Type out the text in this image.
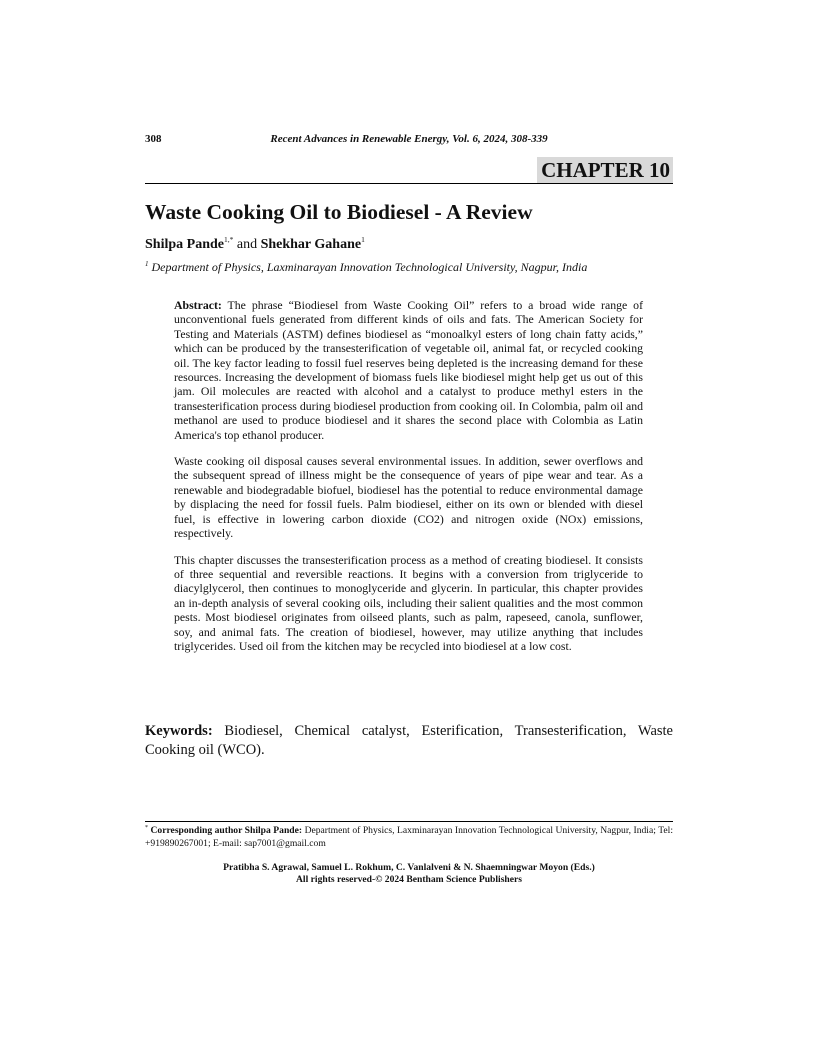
308	Recent Advances in Renewable Energy, Vol. 6, 2024, 308-339
CHAPTER 10
Waste Cooking Oil to Biodiesel - A Review
Shilpa Pande$^{1,*}$ and Shekhar Gahane$^1$
$^1$ Department of Physics, Laxminarayan Innovation Technological University, Nagpur, India

Abstract: The phrase “Biodiesel from Waste Cooking Oil” refers to a broad wide range of unconventional fuels generated from different kinds of oils and fats. The American Society for Testing and Materials (ASTM) defines biodiesel as “monoalkyl esters of long chain fatty acids,” which can be produced by the transesterification of vegetable oil, animal fat, or recycled cooking oil. The key factor leading to fossil fuel reserves being depleted is the increasing demand for these resources. Increasing the development of biomass fuels like biodiesel might help get us out of this jam. Oil molecules are reacted with alcohol and a catalyst to produce methyl esters in the transesterification process during biodiesel production from cooking oil. In Colombia, palm oil and methanol are used to produce biodiesel and it shares the second place with Colombia as Latin America's top ethanol producer.

Waste cooking oil disposal causes several environmental issues. In addition, sewer overflows and the subsequent spread of illness might be the consequence of years of pipe wear and tear. As a renewable and biodegradable biofuel, biodiesel has the potential to reduce environmental damage by displacing the need for fossil fuels. Palm biodiesel, either on its own or blended with diesel fuel, is effective in lowering carbon dioxide (CO2) and nitrogen oxide (NOx) emissions, respectively.

This chapter discusses the transesterification process as a method of creating biodiesel. It consists of three sequential and reversible reactions. It begins with a conversion from triglyceride to diacylglycerol, then continues to monoglyceride and glycerin. In particular, this chapter provides an in-depth analysis of several cooking oils, including their salient qualities and the most common pests. Most biodiesel originates from oilseed plants, such as palm, rapeseed, canola, sunflower, soy, and animal fats. The creation of biodiesel, however, may utilize anything that includes triglycerides. Used oil from the kitchen may be recycled into biodiesel at a low cost.

Keywords: Biodiesel, Chemical catalyst, Esterification, Transesterification, Waste Cooking oil (WCO).

* Corresponding author Shilpa Pande: Department of Physics, Laxminarayan Innovation Technological University, Nagpur, India; Tel: +919890267001; E-mail: sap7001@gmail.com

Pratibha S. Agrawal, Samuel L. Rokhum, C. Vanlalveni & N. Shaemningwar Moyon (Eds.)
All rights reserved-© 2024 Bentham Science Publishers
